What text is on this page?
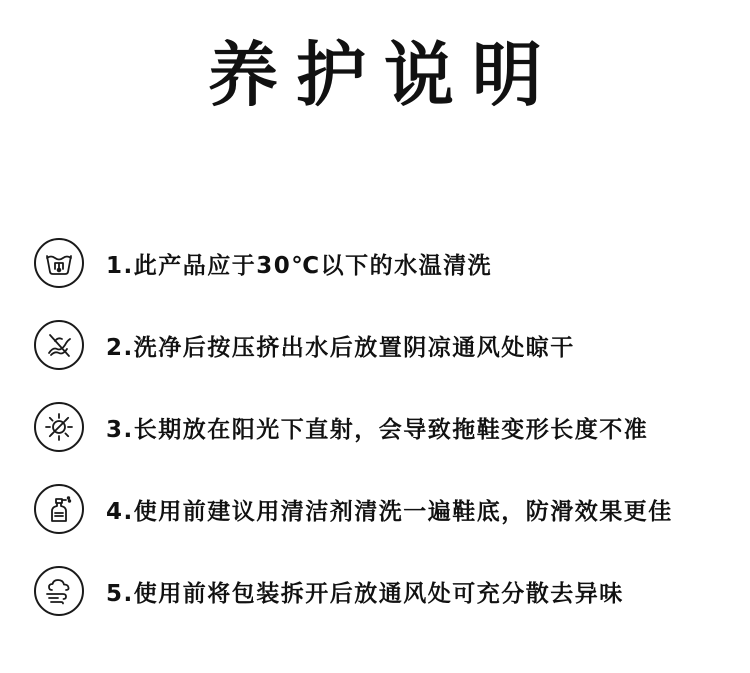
养护说明
1.此产品应于30℃以下的水温清洗
2.洗净后按压挤出水后放置阴凉通风处晾干
3.长期放在阳光下直射，会导致拖鞋变形长度不准
4.使用前建议用清洁剂清洗一遍鞋底，防滑效果更佳
5.使用前将包装拆开后放通风处可充分散去异味
